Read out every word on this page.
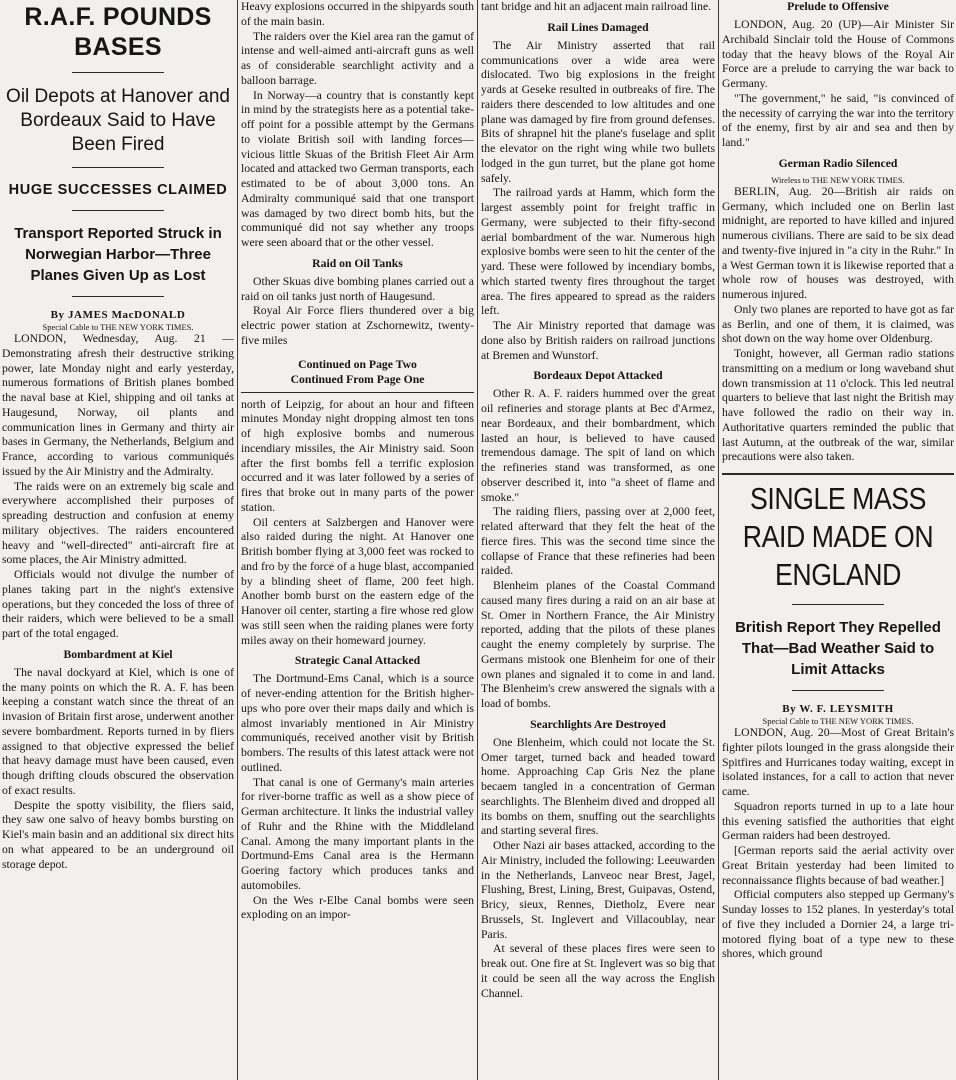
R.A.F. POUNDS BASES
Oil Depots at Hanover and Bordeaux Said to Have Been Fired
HUGE SUCCESSES CLAIMED
Transport Reported Struck in Norwegian Harbor—Three Planes Given Up as Lost
By JAMES MacDONALD
Special Cable to THE NEW YORK TIMES.

LONDON, Wednesday, Aug. 21 —Demonstrating afresh their destructive striking power, late Monday night and early yesterday, numerous formations of British planes bombed the naval base at Kiel, shipping and oil tanks at Haugesund, Norway, oil plants and communication lines in Germany and thirty air bases in Germany, the Netherlands, Belgium and France, according to various communiqués issued by the Air Ministry and the Admiralty.

The raids were on an extremely big scale and everywhere accomplished their purposes of spreading destruction and confusion at enemy military objectives. The raiders encountered heavy and "well-directed" anti-aircraft fire at some places, the Air Ministry admitted.

Officials would not divulge the number of planes taking part in the night's extensive operations, but they conceded the loss of three of their raiders, which were believed to be a small part of the total engaged.

Bombardment at Kiel

The naval dockyard at Kiel, which is one of the many points on which the R. A. F. has been keeping a constant watch since the threat of an invasion of Britain first arose, underwent another severe bombardment. Reports turned in by fliers assigned to that objective expressed the belief that heavy damage must have been caused, even though drifting clouds obscured the observation of exact results.

Despite the spotty visibility, the fliers said, they saw one salvo of heavy bombs bursting on Kiel's main basin and an additional six direct hits on what appeared to be an underground oil storage depot.

Heavy explosions occurred in the shipyards south of the main basin.

The raiders over the Kiel area ran the gamut of intense and well-aimed anti-aircraft guns as well as of considerable searchlight activity and a balloon barrage.

In Norway—a country that is constantly kept in mind by the strategists here as a potential take-off point for a possible attempt by the Germans to violate British soil with landing forces—vicious little Skuas of the British Fleet Air Arm located and attacked two German transports, each estimated to be of about 3,000 tons. An Admiralty communiqué said that one transport was damaged by two direct bomb hits, but the communiqué did not say whether any troops were seen aboard that or the other vessel.

Raid on Oil Tanks

Other Skuas dive bombing planes carried out a raid on oil tanks just north of Haugesund.

Royal Air Force fliers thundered over a big electric power station at Zschornewitz, twenty-five miles

Continued on Page Two
Continued From Page One

north of Leipzig, for about an hour and fifteen minutes Monday night dropping almost ten tons of high explosive bombs and numerous incendiary missiles, the Air Ministry said. Soon after the first bombs fell a terrific explosion occurred and it was later followed by a series of fires that broke out in many parts of the power station.

Oil centers at Salzbergen and Hanover were also raided during the night. At Hanover one British bomber flying at 3,000 feet was rocked to and fro by the force of a huge blast, accompanied by a blinding sheet of flame, 200 feet high. Another bomb burst on the eastern edge of the Hanover oil center, starting a fire whose red glow was still seen when the raiding planes were forty miles away on their homeward journey.

Strategic Canal Attacked

The Dortmund-Ems Canal, which is a source of never-ending attention for the British higher-ups who pore over their maps daily and which is almost invariably mentioned in Air Ministry communiqués, received another visit by British bombers. The results of this latest attack were not outlined.

That canal is one of Germany's main arteries for river-borne traffic as well as a show piece of German architecture. It links the industrial valley of Ruhr and the Rhine with the Middleland Canal. Among the many important plants in the Dortmund-Ems Canal area is the Hermann Goering factory which produces tanks and automobiles.

On the Wes r-Elbe Canal bombs were seen exploding on an impor-

tant bridge and hit an adjacent main railroad line.

Rail Lines Damaged

The Air Ministry asserted that rail communications over a wide area were dislocated. Two big explosions in the freight yards at Geseke resulted in outbreaks of fire. The raiders there descended to low altitudes and one plane was damaged by fire from ground defenses. Bits of shrapnel hit the plane's fuselage and split the elevator on the right wing while two bullets lodged in the gun turret, but the plane got home safely.

The railroad yards at Hamm, which form the largest assembly point for freight traffic in Germany, were subjected to their fifty-second aerial bombardment of the war. Numerous high explosive bombs were seen to hit the center of the yard. These were followed by incendiary bombs, which started twenty fires throughout the target area. The fires appeared to spread as the raiders left.

The Air Ministry reported that damage was done also by British raiders on railroad junctions at Bremen and Wunstorf.

Bordeaux Depot Attacked

Other R. A. F. raiders hummed over the great oil refineries and storage plants at Bec d'Armez, near Bordeaux, and their bombardment, which lasted an hour, is believed to have caused tremendous damage. The spit of land on which the refineries stand was transformed, as one observer described it, into "a sheet of flame and smoke."

The raiding fliers, passing over at 2,000 feet, related afterward that they felt the heat of the fierce fires. This was the second time since the collapse of France that these refineries had been raided.

Blenheim planes of the Coastal Command caused many fires during a raid on an air base at St. Omer in Northern France, the Air Ministry reported, adding that the pilots of these planes caught the enemy completely by surprise. The Germans mistook one Blenheim for one of their own planes and signaled it to come in and land. The Blenheim's crew answered the signals with a load of bombs.

Searchlights Are Destroyed

One Blenheim, which could not locate the St. Omer target, turned back and headed toward home. Approaching Cap Gris Nez the plane becaem tangled in a concentration of German searchlights. The Blenheim dived and dropped all its bombs on them, snuffing out the searchlights and starting several fires.

Other Nazi air bases attacked, according to the Air Ministry, included the following: Leeuwarden in the Netherlands, Lanveoc near Brest, Jagel, Flushing, Brest, Lining, Brest, Guipavas, Ostend, Bricy, sieux, Rennes, Dietholz, Evere near Brussels, St. Inglevert and Villacoublay, near Paris.

At several of these places fires were seen to break out. One fire at St. Inglevert was so big that it could be seen all the way across the English Channel.

Prelude to Offensive

LONDON, Aug. 20 (UP)—Air Minister Sir Archibald Sinclair told the House of Commons today that the heavy blows of the Royal Air Force are a prelude to carrying the war back to Germany.

"The government," he said, "is convinced of the necessity of carrying the war into the territory of the enemy, first by air and sea and then by land."

German Radio Silenced
Wireless to THE NEW YORK TIMES.

BERLIN, Aug. 20—British air raids on Germany, which included one on Berlin last midnight, are reported to have killed and injured numerous civilians. There are said to be six dead and twenty-five injured in "a city in the Ruhr." In a West German town it is likewise reported that a whole row of houses was destroyed, with numerous injured.

Only two planes are reported to have got as far as Berlin, and one of them, it is claimed, was shot down on the way home over Oldenburg.

Tonight, however, all German radio stations transmitting on a medium or long waveband shut down transmission at 11 o'clock. This led neutral quarters to believe that last night the British may have followed the radio on their way in. Authoritative quarters reminded the public that last Autumn, at the outbreak of the war, similar precautions were also taken.

SINGLE MASS RAID MADE ON ENGLAND
British Report They Repelled That—Bad Weather Said to Limit Attacks
By W. F. LEYSMITH
Special Cable to THE NEW YORK TIMES.

LONDON, Aug. 20—Most of Great Britain's fighter pilots lounged in the grass alongside their Spitfires and Hurricanes today waiting, except in isolated instances, for a call to action that never came.

Squadron reports turned in up to a late hour this evening satisfied the authorities that eight German raiders had been destroyed.

[German reports said the aerial activity over Great Britain yesterday had been limited to reconnaissance flights because of bad weather.]

Official computers also stepped up Germany's Sunday losses to 152 planes. In yesterday's total of five they included a Dornier 24, a large tri-motored flying boat of a type new to these shores, which ground
